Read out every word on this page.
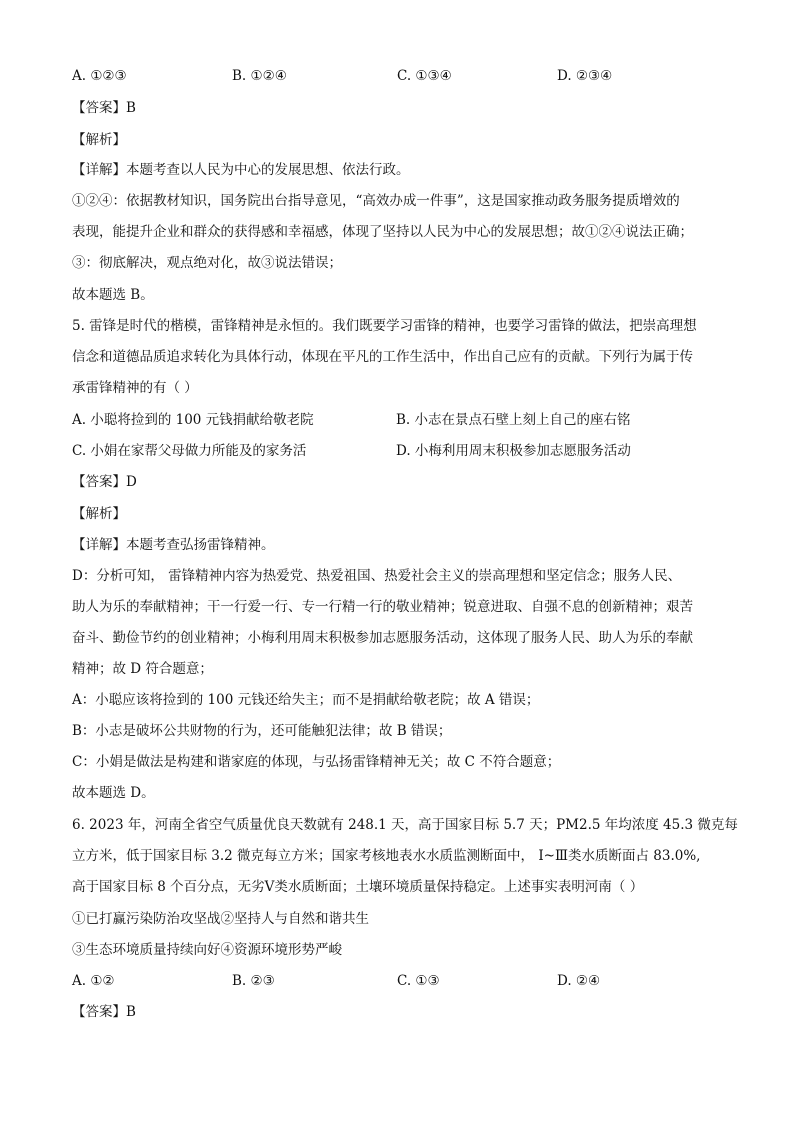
A. ①②③	B. ①②④	C. ①③④	D. ②③④
【答案】B
【解析】
【详解】本题考查以人民为中心的发展思想、依法行政。
①②④：依据教材知识，国务院出台指导意见，“高效办成一件事”，这是国家推动政务服务提质增效的
表现，能提升企业和群众的获得感和幸福感，体现了坚持以人民为中心的发展思想；故①②④说法正确；
③：彻底解决，观点绝对化，故③说法错误；
故本题选 B。
5. 雷锋是时代的楷模，雷锋精神是永恒的。我们既要学习雷锋的精神，也要学习雷锋的做法，把崇高理想
信念和道德品质追求转化为具体行动，体现在平凡的工作生活中，作出自己应有的贡献。下列行为属于传
承雷锋精神的有（ ）
A. 小聪将捡到的 100 元钱捐献给敬老院	B. 小志在景点石壁上刻上自己的座右铭
C. 小娟在家帮父母做力所能及的家务活	D. 小梅利用周末积极参加志愿服务活动
【答案】D
【解析】
【详解】本题考查弘扬雷锋精神。
D：分析可知， 雷锋精神内容为热爱党、热爱祖国、热爱社会主义的崇高理想和坚定信念；服务人民、
助人为乐的奉献精神；干一行爱一行、专一行精一行的敬业精神；锐意进取、自强不息的创新精神；艰苦
奋斗、勤俭节约的创业精神；小梅利用周末积极参加志愿服务活动，这体现了服务人民、助人为乐的奉献
精神；故 D 符合题意；
A：小聪应该将捡到的 100 元钱还给失主；而不是捐献给敬老院；故 A 错误；
B：小志是破坏公共财物的行为，还可能触犯法律；故 B 错误；
C：小娟是做法是构建和谐家庭的体现，与弘扬雷锋精神无关；故 C 不符合题意；
故本题选 D。
6. 2023 年，河南全省空气质量优良天数就有 248.1 天，高于国家目标 5.7 天；PM2.5 年均浓度 45.3 微克每
立方米，低于国家目标 3.2 微克每立方米；国家考核地表水水质监测断面中， Ⅰ~Ⅲ类水质断面占 83.0%,
高于国家目标 8 个百分点，无劣Ⅴ类水质断面；土壤环境质量保持稳定。上述事实表明河南（ ）
①已打赢污染防治攻坚战②坚持人与自然和谐共生
③生态环境质量持续向好④资源环境形势严峻
A. ①②	B. ②③	C. ①③	D. ②④
【答案】B
